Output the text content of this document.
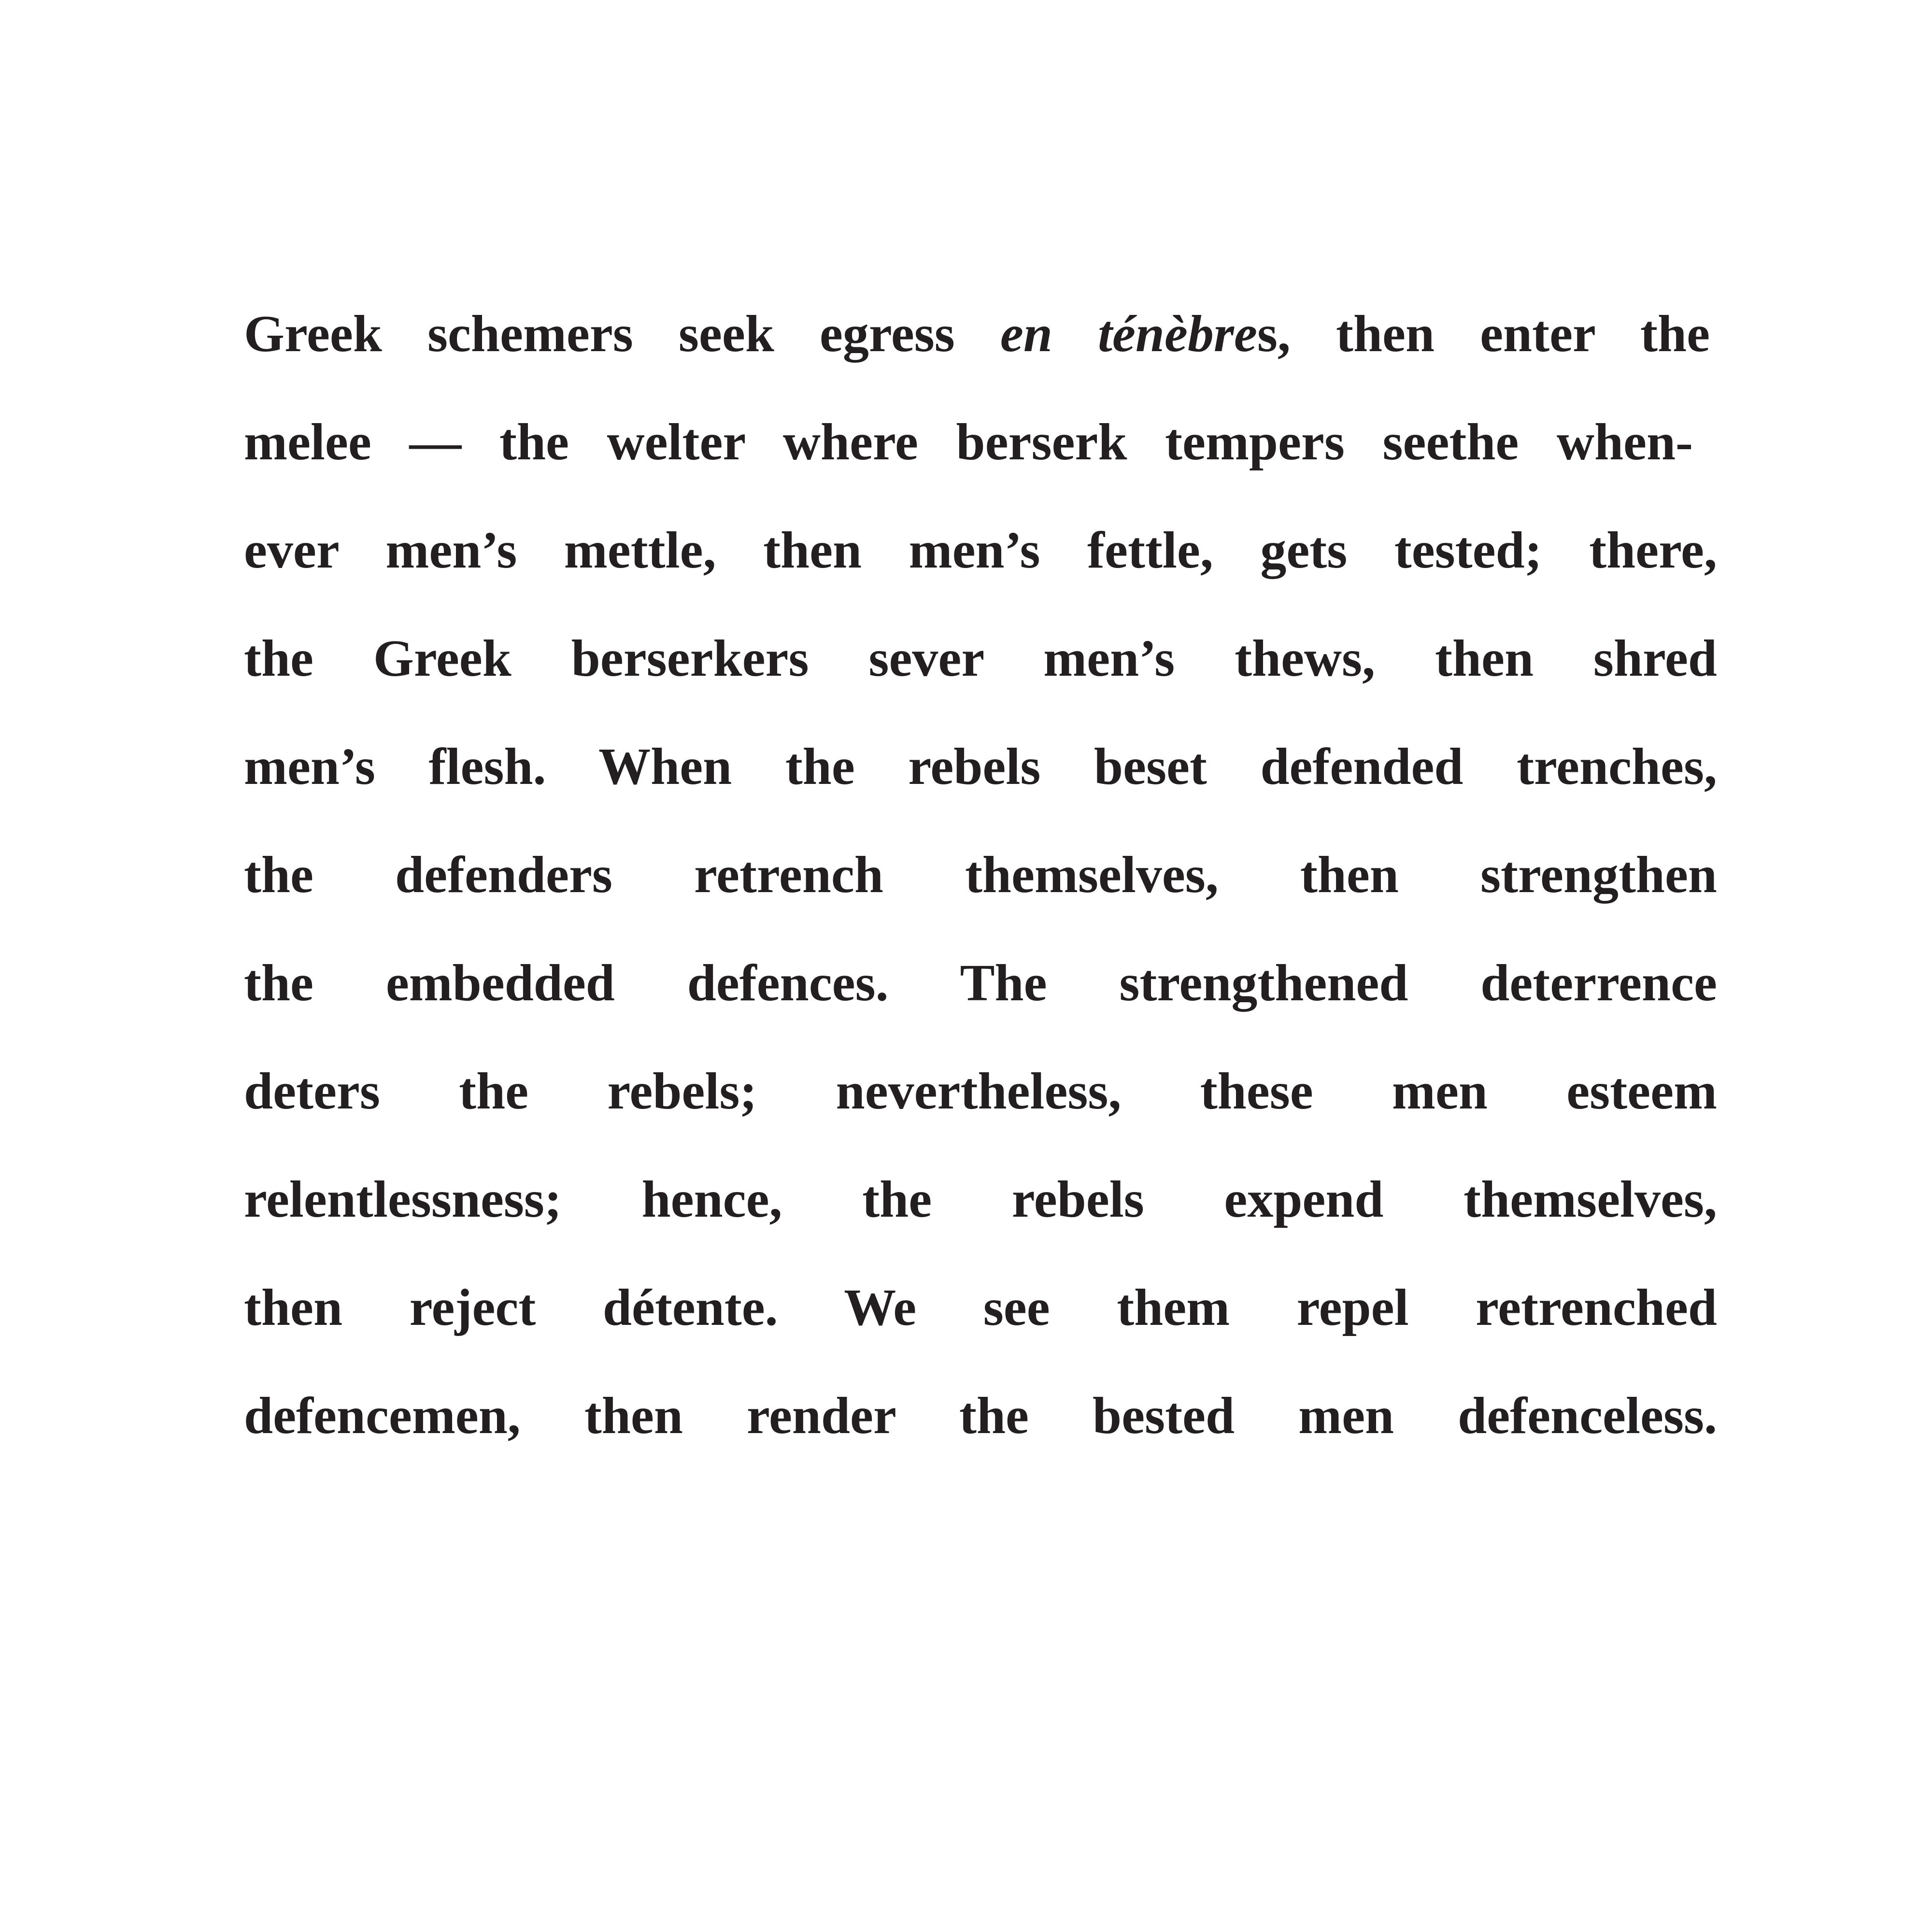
Greek schemers seek egress en ténèbres, then enter the
melee — the welter where berserk tempers seethe when-
ever men’s mettle, then men’s fettle, gets tested; there,
the Greek berserkers sever men’s thews, then shred
men’s flesh. When the rebels beset defended trenches,
the defenders retrench themselves, then strengthen
the embedded defences. The strengthened deterrence
deters the rebels; nevertheless, these men esteem
relentlessness; hence, the rebels expend themselves,
then reject détente. We see them repel retrenched
defencemen, then render the bested men defenceless.
